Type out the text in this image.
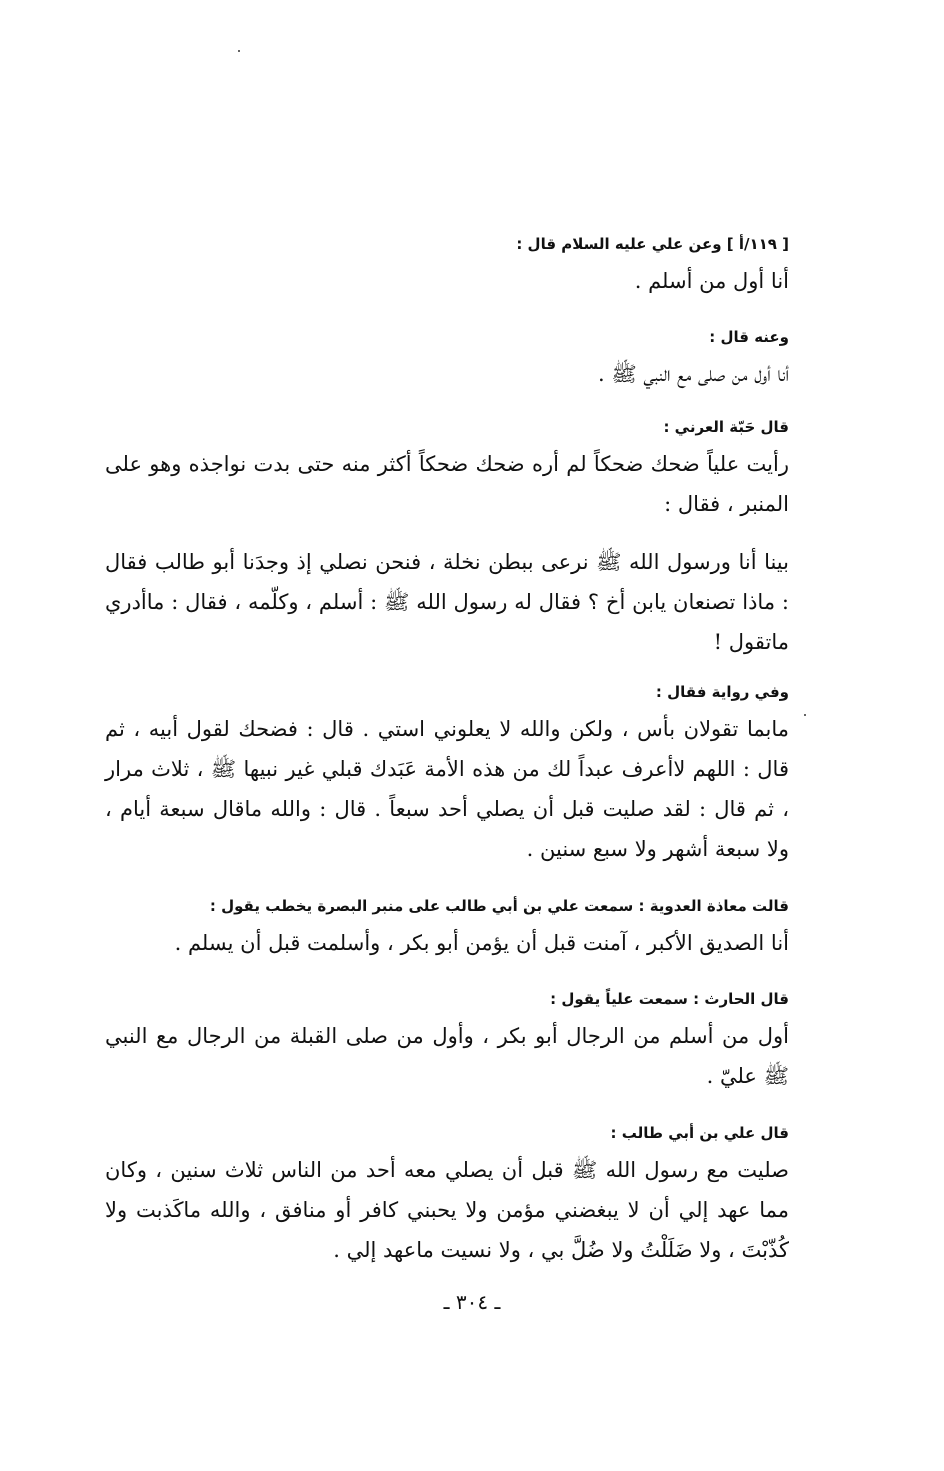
[ ١١٩/أ ] وعن علي عليه السلام قال :

أنا أول من أسلم .

وعنه قال :

أنا أول من صلى مع النبي ﷺ .

قال حَبّة العرني :

رأيت علياً ضحك ضحكاً لم أره ضحك ضحكاً أكثر منه حتى بدت نواجذه وهو على المنبر ، فقال :

بينا أنا ورسول الله ﷺ نرعى ببطن نخلة ، فنحن نصلي إذ وجدَنا أبو طالب فقال : ماذا تصنعان يابن أخ ؟ فقال له رسول الله ﷺ : أسلم ، وكلّمه ، فقال : ماأدري ماتقول !

وفي رواية فقال :

مابما تقولان بأس ، ولكن والله لا يعلوني استي . قال : فضحك لقول أبيه ، ثم قال : اللهم لاأعرف عبداً لك من هذه الأمة عَبَدك قبلي غير نبيها ﷺ ، ثلاث مرار ، ثم قال : لقد صليت قبل أن يصلي أحد سبعاً . قال : والله ماقال سبعة أيام ، ولا سبعة أشهر ولا سبع سنين .

قالت معاذة العدوية : سمعت علي بن أبي طالب على منبر البصرة يخطب يقول :

أنا الصديق الأكبر ، آمنت قبل أن يؤمن أبو بكر ، وأسلمت قبل أن يسلم .

قال الحارث : سمعت علياً يقول :

أول من أسلم من الرجال أبو بكر ، وأول من صلى القبلة من الرجال مع النبي ﷺ عليّ .

قال علي بن أبي طالب :

صليت مع رسول الله ﷺ قبل أن يصلي معه أحد من الناس ثلاث سنين ، وكان مما عهد إلي أن لا يبغضني مؤمن ولا يحبني كافر أو منافق ، والله ماكَذبت ولا كُذّبْتَ ، ولا ضَلَلْتُ ولا ضُلَّ بي ، ولا نسيت ماعهد إلي .

ـ ٣٠٤ ـ
